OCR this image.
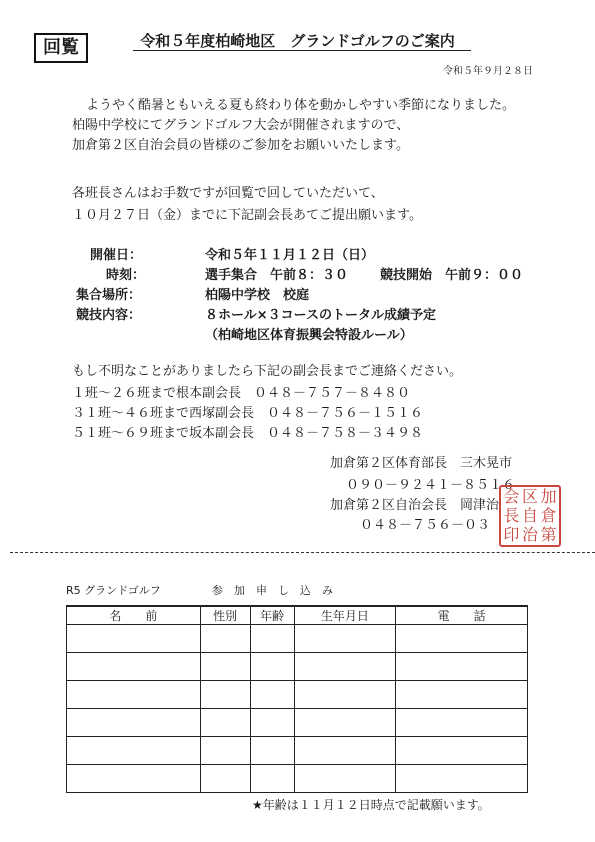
回覧	令和５年度柏崎地区　グランドゴルフのご案内
令和５年９月２８日
ようやく酷暑ともいえる夏も終わり体を動かしやすい季節になりました。
柏陽中学校にてグランドゴルフ大会が開催されますので、
加倉第２区自治会員の皆様のご参加をお願いいたします。
各班長さんはお手数ですが回覧で回していただいて、
１０月２７日（金）までに下記副会長あてご提出願います。
開催日：	令和５年１１月１２日（日）
時刻：	選手集合　午前８：３０ 競技開始　午前９：００
集合場所：	柏陽中学校　校庭
競技内容：	８ホール×３コースのトータル成績予定
（柏崎地区体育振興会特設ルール）
もし不明なことがありましたら下記の副会長までご連絡ください。
１班～２６班まで根本副会長　０４８－７５７－８４８０
３１班～４６班まで西塚副会長　０４８－７５６－１５１６
５１班～６９班まで坂本副会長　０４８－７５８－３４９８
加倉第２区体育部長　三木晃市
０９０－９２４１－８５１６
加倉第２区自治会長　岡津治
０４８－７５６－０３
会 区 加
長 自 倉
印 治 第
R5 グランドゴルフ	参　加　申　し　込　み
名　　前	性別	年齢	生年月日	電　　話

★年齢は１１月１２日時点で記載願います。
